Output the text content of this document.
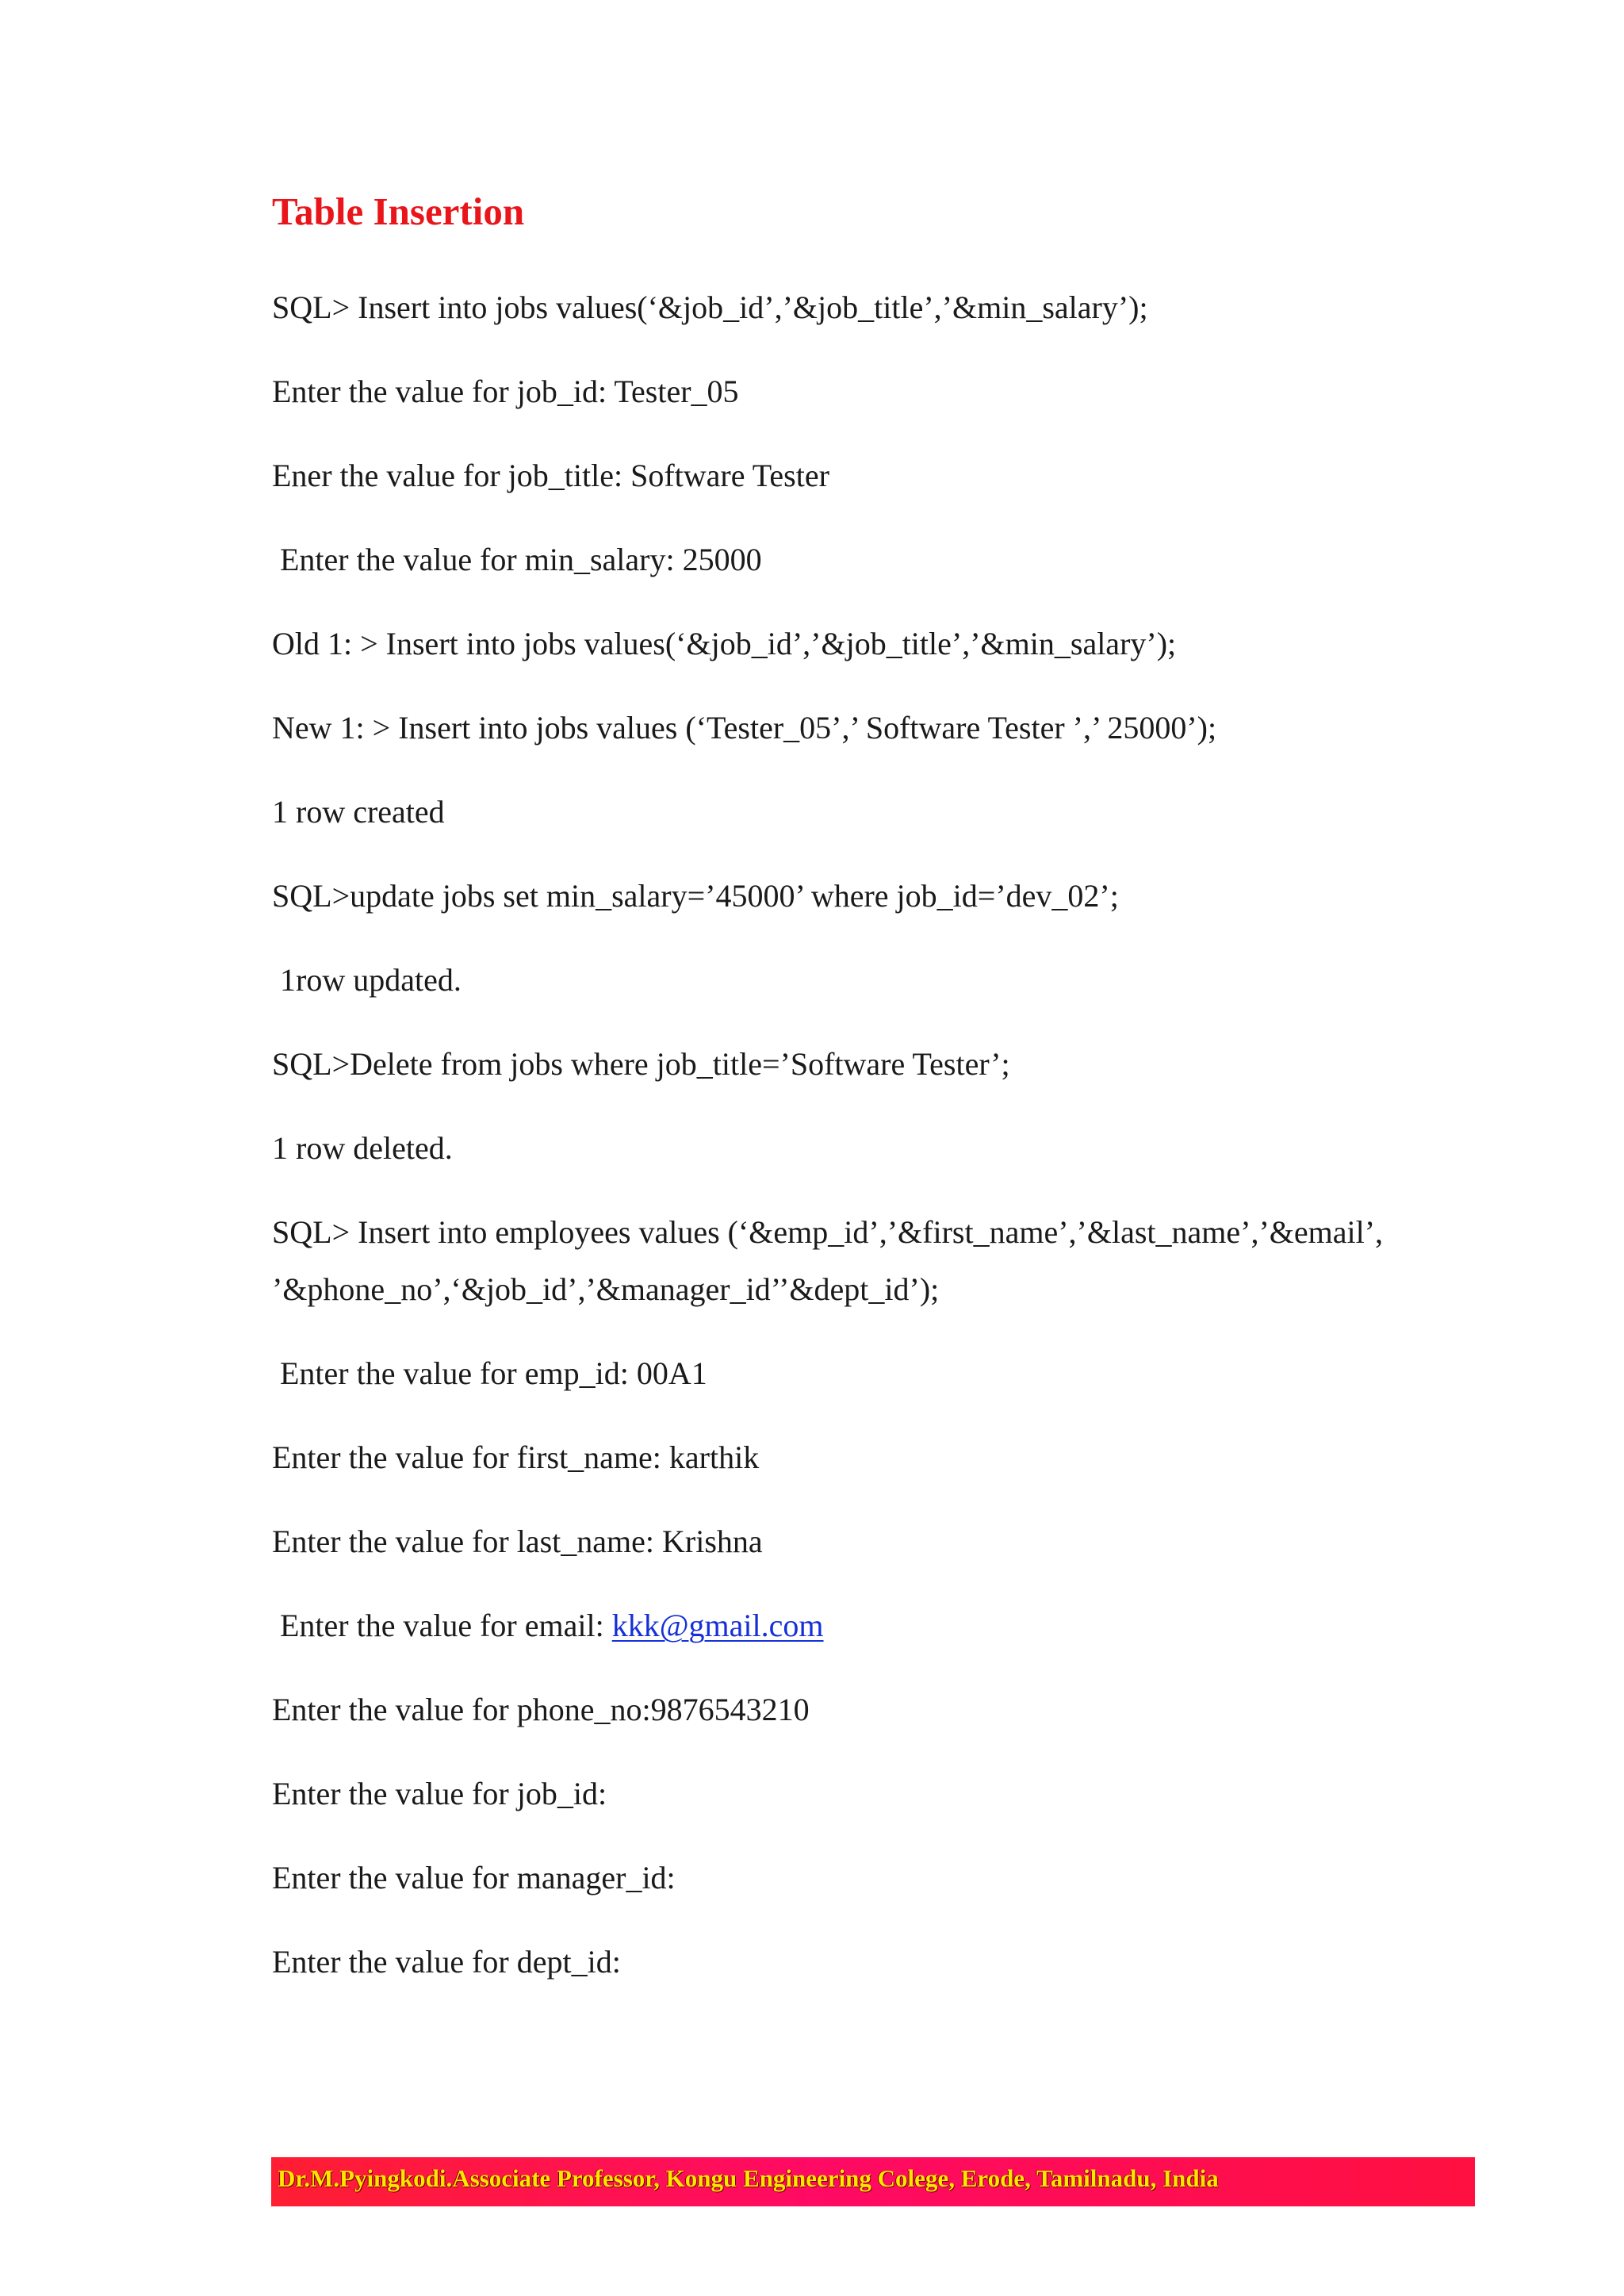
Table Insertion
SQL> Insert into jobs values(‘&job_id’,’&job_title’,’&min_salary’);
Enter the value for job_id: Tester_05
Ener the value for job_title: Software Tester
Enter the value for min_salary: 25000
Old 1: > Insert into jobs values(‘&job_id’,’&job_title’,’&min_salary’);
New 1: > Insert into jobs values (‘Tester_05’,’ Software Tester ’,’ 25000’);
1 row created
SQL>update jobs set min_salary=’45000’ where job_id=’dev_02’;
1row updated.
SQL>Delete from jobs where job_title=’Software Tester’;
1 row deleted.
SQL> Insert into employees values (‘&emp_id’,’&first_name’,’&last_name’,’&email’,
’&phone_no’,‘&job_id’,’&manager_id’’&dept_id’);
Enter the value for emp_id: 00A1
Enter the value for first_name: karthik
Enter the value for last_name: Krishna
Enter the value for email: kkk@gmail.com
Enter the value for phone_no:9876543210
Enter the value for job_id:
Enter the value for manager_id:
Enter the value for dept_id:
Dr.M.Pyingkodi.Associate Professor, Kongu Engineering Colege, Erode, Tamilnadu, India
